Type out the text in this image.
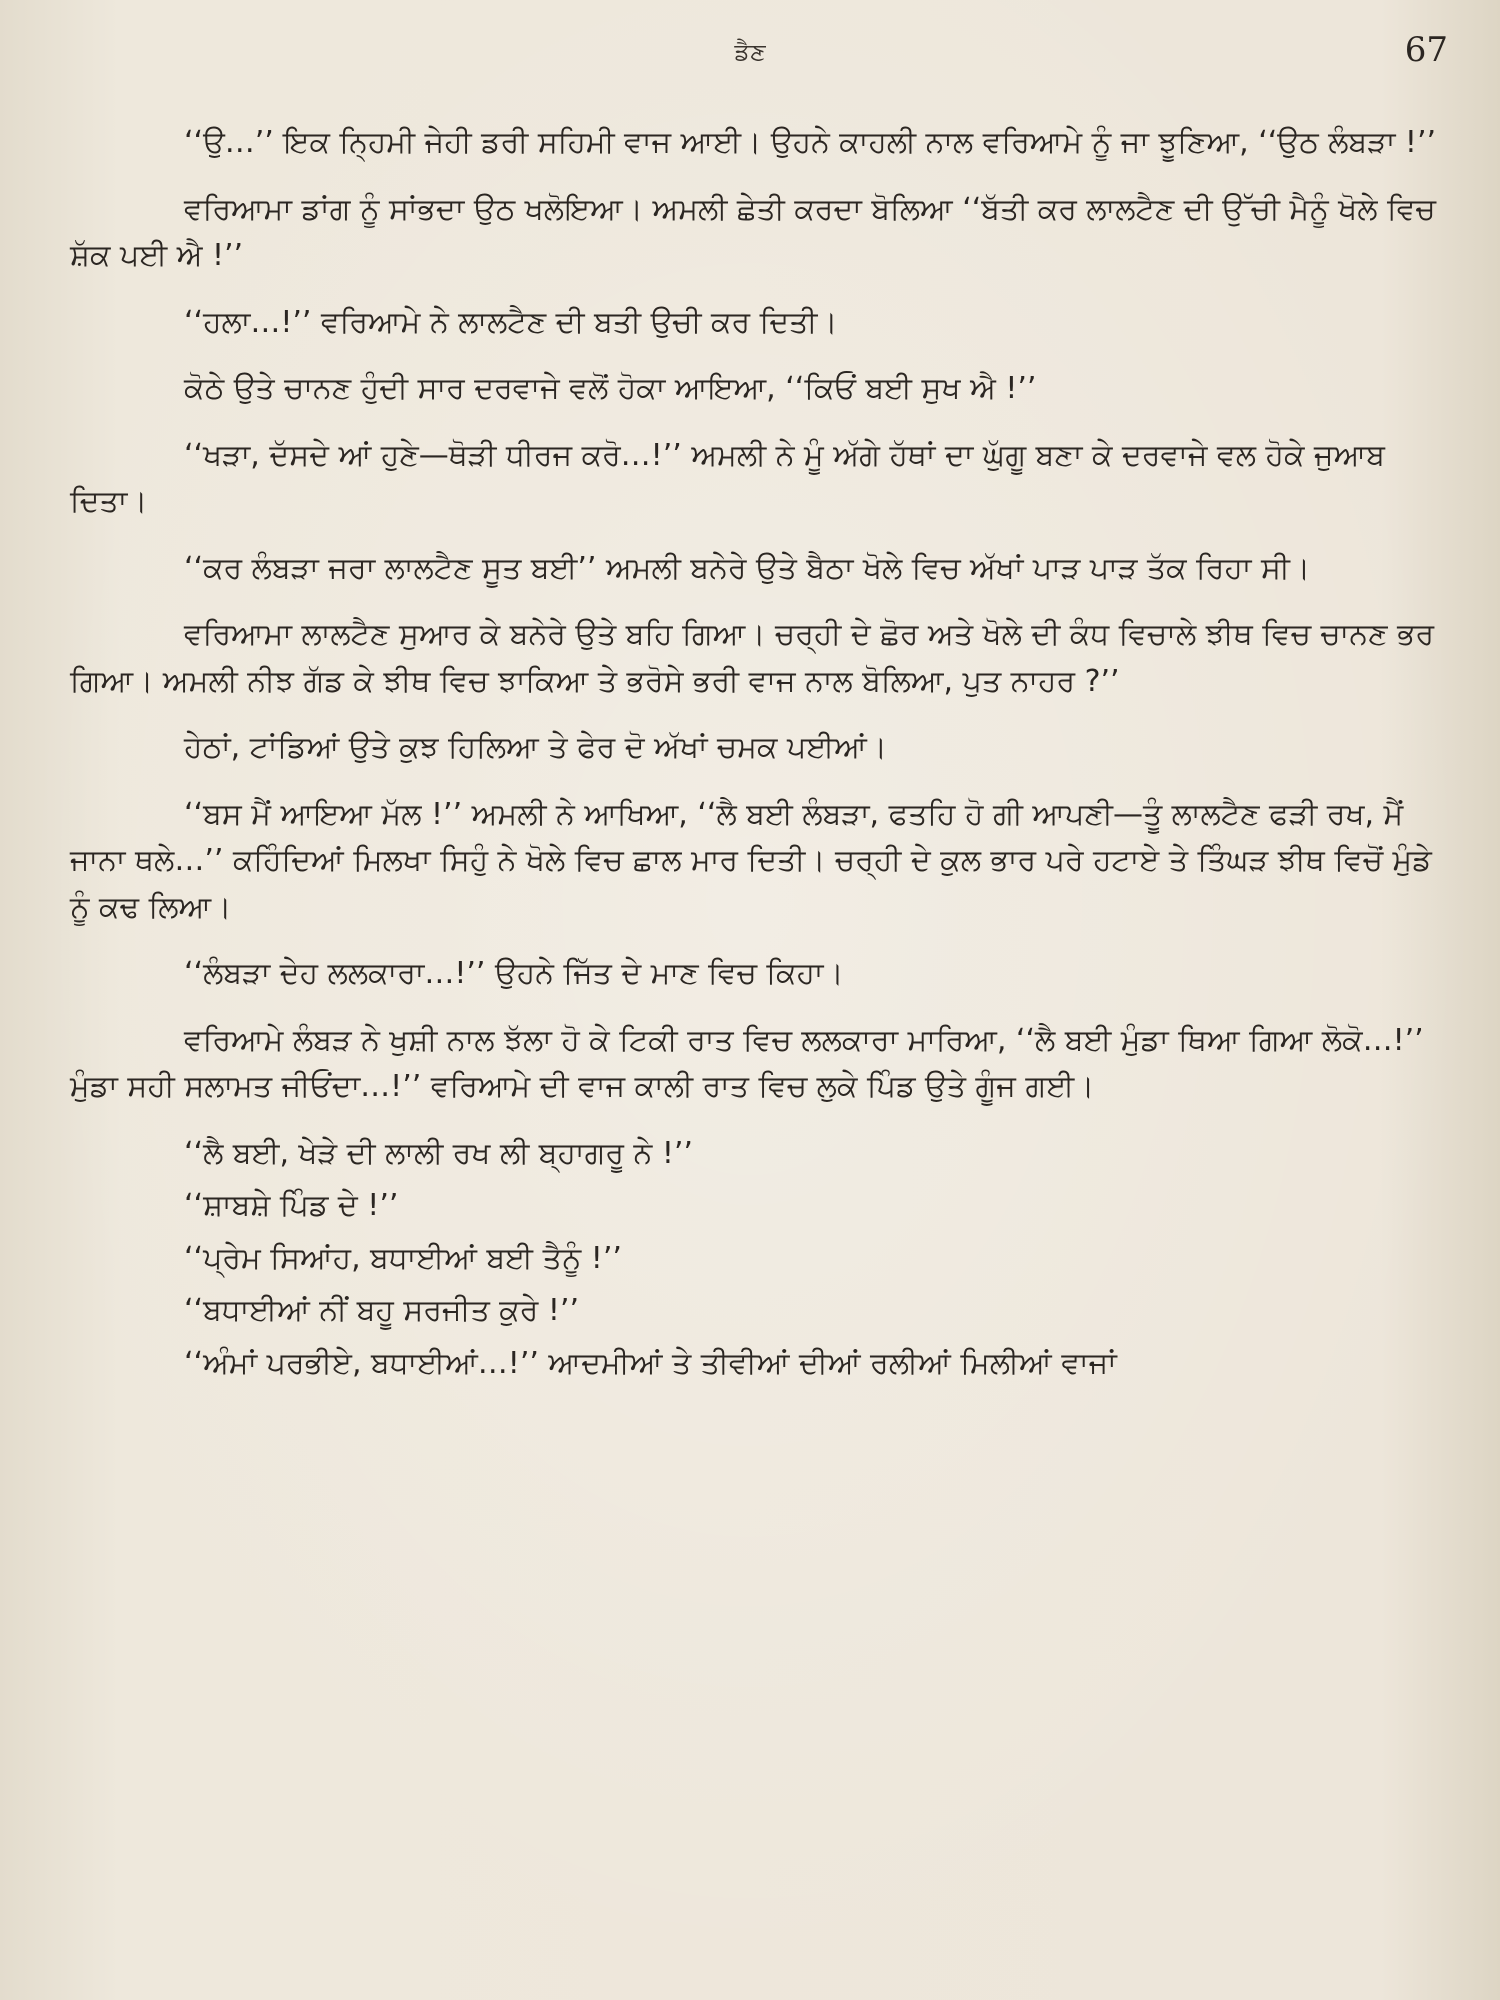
ਡੈਣ	67

‘‘ਉ…’’ ਇਕ ਨ੍ਹਿਮੀ ਜੇਹੀ ਡਰੀ ਸਹਿਮੀ ਵਾਜ ਆਈ। ਉਹਨੇ ਕਾਹਲੀ ਨਾਲ ਵਰਿਆਮੇ ਨੂੰ ਜਾ ਝੂਣਿਆ, ‘‘ਉਠ ਲੰਬੜਾ !’’

ਵਰਿਆਮਾ ਡਾਂਗ ਨੂੰ ਸਾਂਭਦਾ ਉਠ ਖਲੋਇਆ। ਅਮਲੀ ਛੇਤੀ ਕਰਦਾ ਬੋਲਿਆ ‘‘ਬੱਤੀ ਕਰ ਲਾਲਟੈਣ ਦੀ ਉੱਚੀ ਮੈਨੂੰ ਖੋਲੇ ਵਿਚ ਸ਼ੱਕ ਪਈ ਐ !’’

‘‘ਹਲਾ…!’’ ਵਰਿਆਮੇ ਨੇ ਲਾਲਟੈਣ ਦੀ ਬਤੀ ਉਚੀ ਕਰ ਦਿਤੀ।

ਕੋਠੇ ਉਤੇ ਚਾਨਣ ਹੁੰਦੀ ਸਾਰ ਦਰਵਾਜੇ ਵਲੋਂ ਹੋਕਾ ਆਇਆ, ‘‘ਕਿਓਂ ਬਈ ਸੁਖ ਐ !’’

‘‘ਖੜਾ, ਦੱਸਦੇ ਆਂ ਹੁਣੇ—ਥੋੜੀ ਧੀਰਜ ਕਰੋ…!’’ ਅਮਲੀ ਨੇ ਮੂੰ ਅੱਗੇ ਹੱਥਾਂ ਦਾ ਘੁੱਗੂ ਬਣਾ ਕੇ ਦਰਵਾਜੇ ਵਲ ਹੋਕੇ ਜੁਆਬ ਦਿਤਾ।

‘‘ਕਰ ਲੰਬੜਾ ਜਰਾ ਲਾਲਟੈਣ ਸੂਤ ਬਈ’’ ਅਮਲੀ ਬਨੇਰੇ ਉਤੇ ਬੈਠਾ ਖੋਲੇ ਵਿਚ ਅੱਖਾਂ ਪਾੜ ਪਾੜ ਤੱਕ ਰਿਹਾ ਸੀ।

ਵਰਿਆਮਾ ਲਾਲਟੈਣ ਸੁਆਰ ਕੇ ਬਨੇਰੇ ਉਤੇ ਬਹਿ ਗਿਆ। ਚਰ੍ਹੀ ਦੇ ਛੋਰ ਅਤੇ ਖੋਲੇ ਦੀ ਕੰਧ ਵਿਚਾਲੇ ਝੀਥ ਵਿਚ ਚਾਨਣ ਭਰ ਗਿਆ। ਅਮਲੀ ਨੀਝ ਗੱਡ ਕੇ ਝੀਥ ਵਿਚ ਝਾਕਿਆ ਤੇ ਭਰੋਸੇ ਭਰੀ ਵਾਜ ਨਾਲ ਬੋਲਿਆ, ਪੁਤ ਨਾਹਰ ?’’

ਹੇਠਾਂ, ਟਾਂਡਿਆਂ ਉਤੇ ਕੁਝ ਹਿਲਿਆ ਤੇ ਫੇਰ ਦੋ ਅੱਖਾਂ ਚਮਕ ਪਈਆਂ।

‘‘ਬਸ ਮੈਂ ਆਇਆ ਮੱਲ !’’ ਅਮਲੀ ਨੇ ਆਖਿਆ, ‘‘ਲੈ ਬਈ ਲੰਬੜਾ, ਫਤਹਿ ਹੋ ਗੀ ਆਪਣੀ—ਤੂੰ ਲਾਲਟੈਣ ਫੜੀ ਰਖ, ਮੈਂ ਜਾਨਾ ਥਲੇ…’’ ਕਹਿੰਦਿਆਂ ਮਿਲਖਾ ਸਿਹੁੰ ਨੇ ਖੋਲੇ ਵਿਚ ਛਾਲ ਮਾਰ ਦਿਤੀ। ਚਰ੍ਹੀ ਦੇ ਕੁਲ ਭਾਰ ਪਰੇ ਹਟਾਏ ਤੇ ਤਿੰਘੜ ਝੀਥ ਵਿਚੋਂ ਮੁੰਡੇ ਨੂੰ ਕਢ ਲਿਆ।

‘‘ਲੰਬੜਾ ਦੇਹ ਲਲਕਾਰਾ…!’’ ਉਹਨੇ ਜਿੱਤ ਦੇ ਮਾਣ ਵਿਚ ਕਿਹਾ।

ਵਰਿਆਮੇ ਲੰਬੜ ਨੇ ਖੁਸ਼ੀ ਨਾਲ ਝੱਲਾ ਹੋ ਕੇ ਟਿਕੀ ਰਾਤ ਵਿਚ ਲਲਕਾਰਾ ਮਾਰਿਆ, ‘‘ਲੈ ਬਈ ਮੁੰਡਾ ਥਿਆ ਗਿਆ ਲੋਕੋ…!’’ ਮੁੰਡਾ ਸਹੀ ਸਲਾਮਤ ਜੀਓਂਦਾ…!’’ ਵਰਿਆਮੇ ਦੀ ਵਾਜ ਕਾਲੀ ਰਾਤ ਵਿਚ ਲੁਕੇ ਪਿੰਡ ਉਤੇ ਗੂੰਜ ਗਈ।

‘‘ਲੈ ਬਈ, ਖੇੜੇ ਦੀ ਲਾਲੀ ਰਖ ਲੀ ਬ੍ਹਾਗਰੂ ਨੇ !’’

‘‘ਸ਼ਾਬਸ਼ੇ ਪਿੰਡ ਦੇ !’’

‘‘ਪ੍ਰੇਮ ਸਿਆਂਹ, ਬਧਾਈਆਂ ਬਈ ਤੈਨੂੰ !’’

‘‘ਬਧਾਈਆਂ ਨੀਂ ਬਹੂ ਸਰਜੀਤ ਕੁਰੇ !’’

‘‘ਅੰਮਾਂ ਪਰਭੀਏ, ਬਧਾਈਆਂ…!’’ ਆਦਮੀਆਂ ਤੇ ਤੀਵੀਆਂ ਦੀਆਂ ਰਲੀਆਂ ਮਿਲੀਆਂ ਵਾਜਾਂ
